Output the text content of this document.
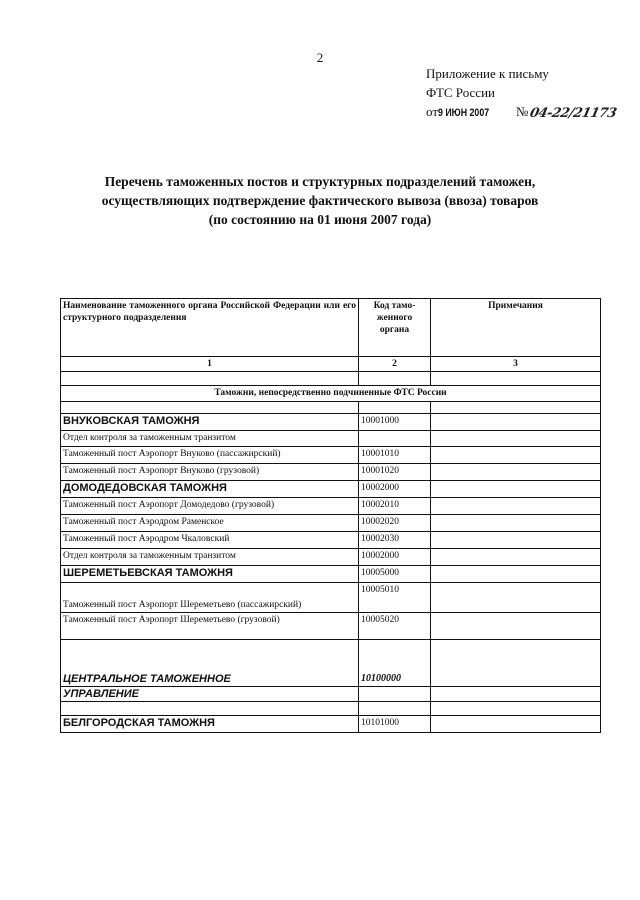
2
Приложение к письму
ФТС России
от9 ИЮН 2007 № 04-22/21173
Перечень таможенных постов и структурных подразделений таможен,
осуществляющих подтверждение фактического вывоза (ввоза) товаров
(по состоянию на 01 июня 2007 года)
Наименование таможенного органа Российской Федерации или его структурного подразделения	Код тамо-женного органа	Примечания
1	2	3

Таможни, непосредственно подчиненные ФТС России		

ВНУКОВСКАЯ ТАМОЖНЯ	10001000	
Отдел контроля за таможенным транзитом		
Таможенный пост Аэропорт Внуково (пассажирский)	10001010	
Таможенный пост Аэропорт Внуково (грузовой)	10001020	
ДОМОДЕДОВСКАЯ ТАМОЖНЯ	10002000	
Таможенный пост Аэропорт Домодедово (грузовой)	10002010	
Таможенный пост Аэродром Раменское	10002020	
Таможенный пост Аэродром Чкаловский	10002030	
Отдел контроля за таможенным транзитом	10002000	
ШЕРЕМЕТЬЕВСКАЯ ТАМОЖНЯ	10005000	
Таможенный пост Аэропорт Шереметьево (пассажирский)	10005010	
Таможенный пост Аэропорт Шереметьево (грузовой)	10005020	
ЦЕНТРАЛЬНОЕ ТАМОЖЕННОЕ	10100000	
УПРАВЛЕНИЕ		

БЕЛГОРОДСКАЯ ТАМОЖНЯ	10101000	
